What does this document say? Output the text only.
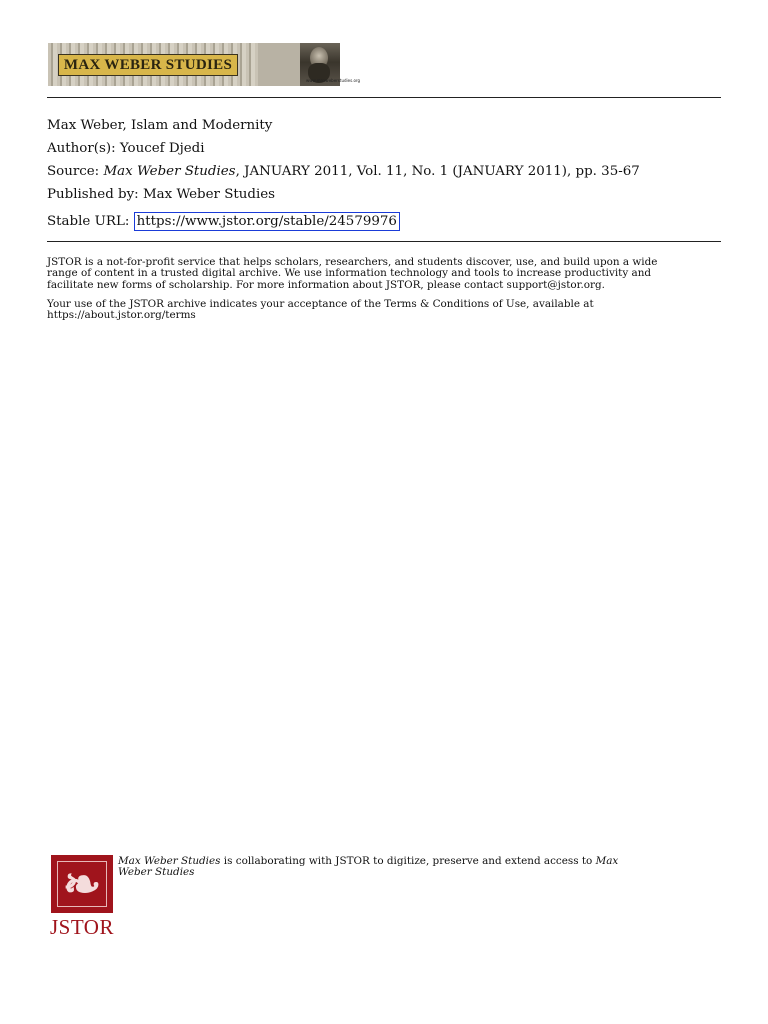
MAX WEBER STUDIES
www.maxweberstudies.org
Max Weber, Islam and Modernity
Author(s): Youcef Djedi
Source: Max Weber Studies, JANUARY 2011, Vol. 11, No. 1 (JANUARY 2011), pp. 35-67
Published by: Max Weber Studies
Stable URL: https://www.jstor.org/stable/24579976
JSTOR is a not-for-profit service that helps scholars, researchers, and students discover, use, and build upon a wide
range of content in a trusted digital archive. We use information technology and tools to increase productivity and
facilitate new forms of scholarship. For more information about JSTOR, please contact support@jstor.org.
Your use of the JSTOR archive indicates your acceptance of the Terms & Conditions of Use, available at
https://about.jstor.org/terms
❧
JSTOR
Max Weber Studies is collaborating with JSTOR to digitize, preserve and extend access to Max
Weber Studies
